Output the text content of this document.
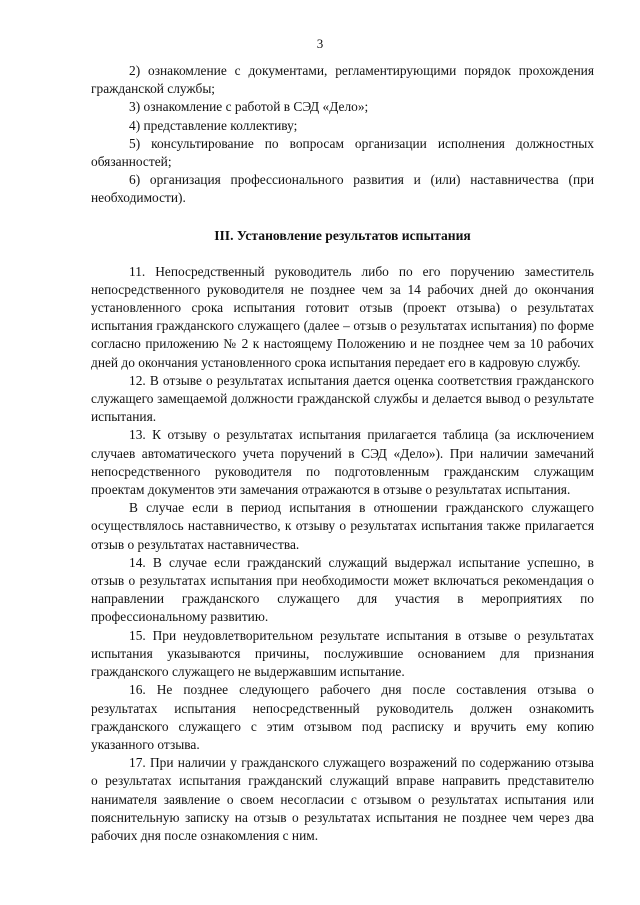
3

2) ознакомление с документами, регламентирующими порядок прохождения гражданской службы;

3) ознакомление с работой в СЭД «Дело»;

4) представление коллективу;

5) консультирование по вопросам организации исполнения должностных обязанностей;

6) организация профессионального развития и (или) наставничества (при необходимости).

III. Установление результатов испытания

11. Непосредственный руководитель либо по его поручению заместитель непосредственного руководителя не позднее чем за 14 рабочих дней до окончания установленного срока испытания готовит отзыв (проект отзыва) о результатах испытания гражданского служащего (далее – отзыв о результатах испытания) по форме согласно приложению № 2 к настоящему Положению и не позднее чем за 10 рабочих дней до окончания установленного срока испытания передает его в кадровую службу.

12. В отзыве о результатах испытания дается оценка соответствия гражданского служащего замещаемой должности гражданской службы и делается вывод о результате испытания.

13. К отзыву о результатах испытания прилагается таблица (за исключением случаев автоматического учета поручений в СЭД «Дело»). При наличии замечаний непосредственного руководителя по подготовленным гражданским служащим проектам документов эти замечания отражаются в отзыве о результатах испытания.

В случае если в период испытания в отношении гражданского служащего осуществлялось наставничество, к отзыву о результатах испытания также прилагается отзыв о результатах наставничества.

14. В случае если гражданский служащий выдержал испытание успешно, в отзыв о результатах испытания при необходимости может включаться рекомендация о направлении гражданского служащего для участия в мероприятиях по профессиональному развитию.

15. При неудовлетворительном результате испытания в отзыве о результатах испытания указываются причины, послужившие основанием для признания гражданского служащего не выдержавшим испытание.

16. Не позднее следующего рабочего дня после составления отзыва о результатах испытания непосредственный руководитель должен ознакомить гражданского служащего с этим отзывом под расписку и вручить ему копию указанного отзыва.

17. При наличии у гражданского служащего возражений по содержанию отзыва о результатах испытания гражданский служащий вправе направить представителю нанимателя заявление о своем несогласии с отзывом о результатах испытания или пояснительную записку на отзыв о результатах испытания не позднее чем через два рабочих дня после ознакомления с ним.
